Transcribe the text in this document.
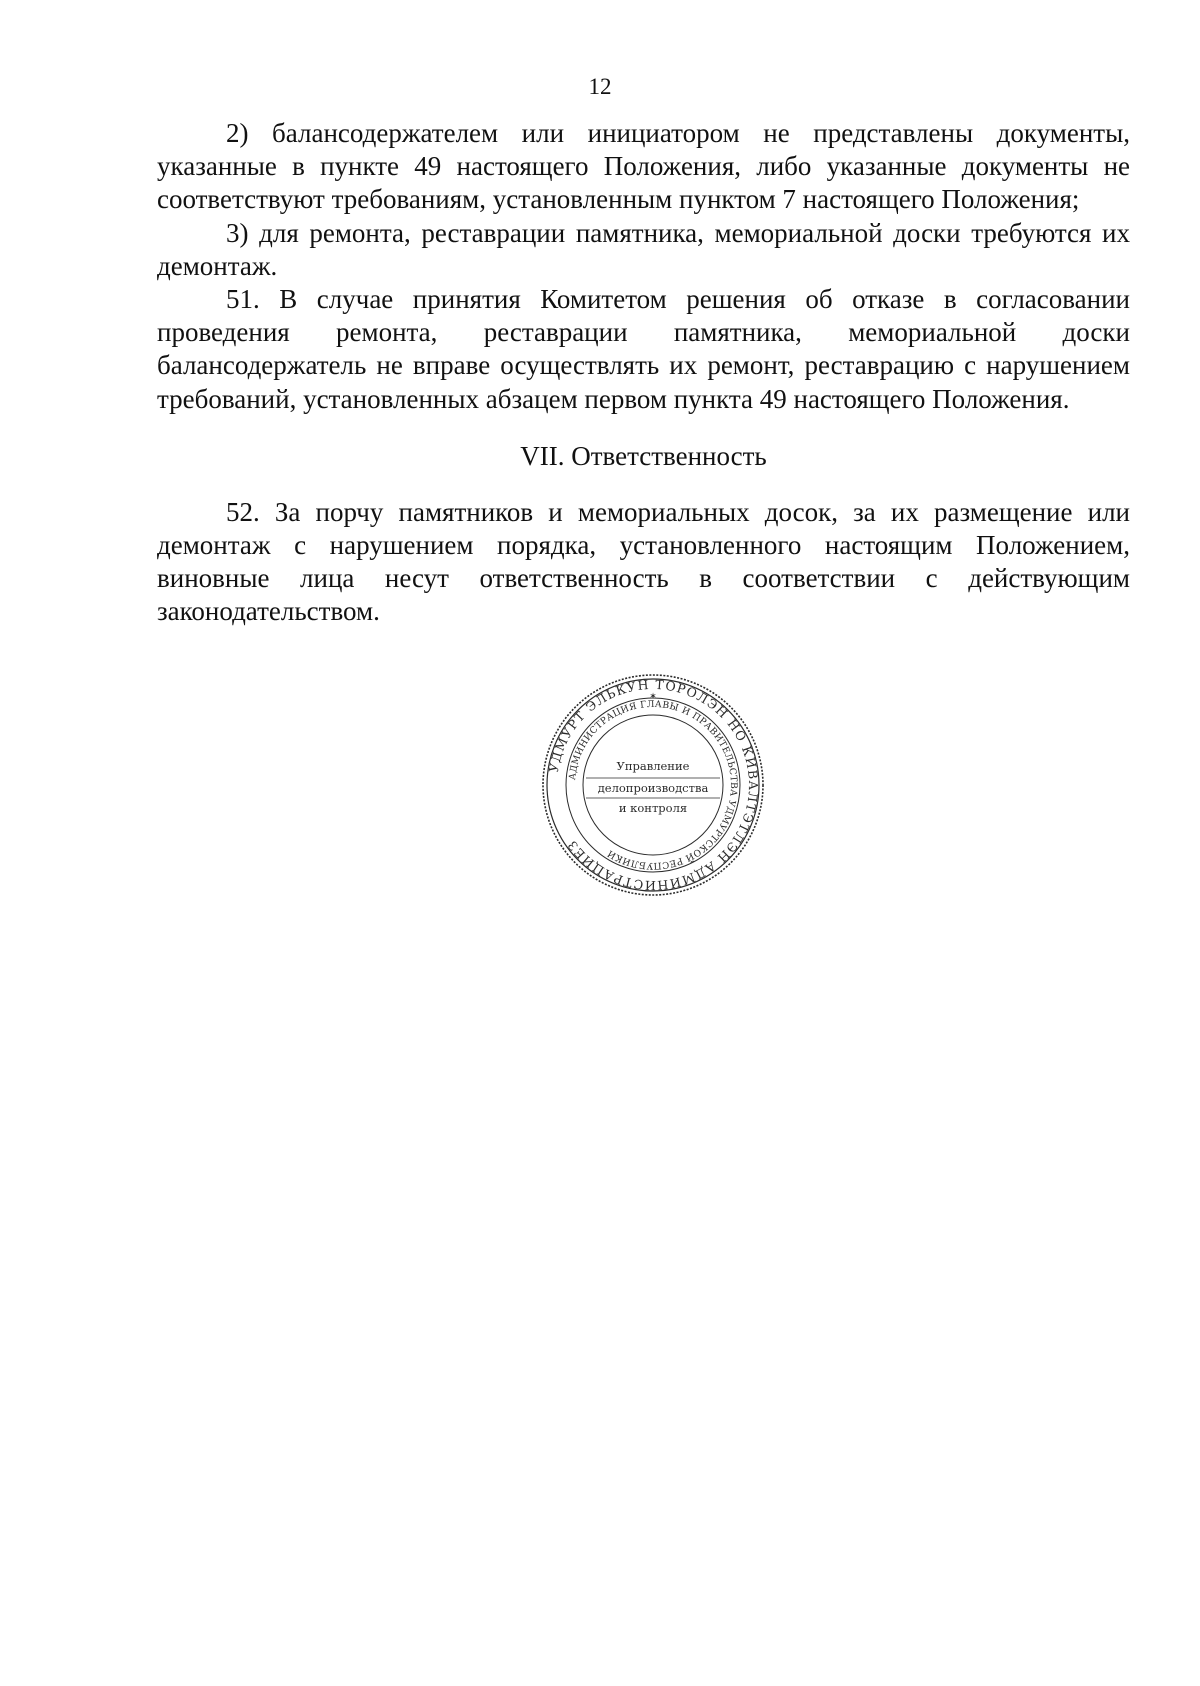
12

2) балансодержателем или инициатором не представлены документы, указанные в пункте 49 настоящего Положения, либо указанные документы не соответствуют требованиям, установленным пунктом 7 настоящего Положения;

3) для ремонта, реставрации памятника, мемориальной доски требуются их демонтаж.

51. В случае принятия Комитетом решения об отказе в согласовании проведения ремонта, реставрации памятника, мемориальной доски балансодержатель не вправе осуществлять их ремонт, реставрацию с нарушением требований, установленных абзацем первом пункта 49 настоящего Положения.

VII. Ответственность

52. За порчу памятников и мемориальных досок, за их размещение или демонтаж с нарушением порядка, установленного настоящим Положением, виновные лица несут ответственность в соответствии с действующим законодательством.

УДМУРТ ЭЛЬКУН ТОРОЛЭН НО КИВАЛТЭТЛЭН АДМИНИСТРАЦИЕЗ
АДМИНИСТРАЦИЯ ГЛАВЫ И ПРАВИТЕЛЬСТВА УДМУРТСКОЙ РЕСПУБЛИКИ
Управление
делопроизводства
и контроля
✶
